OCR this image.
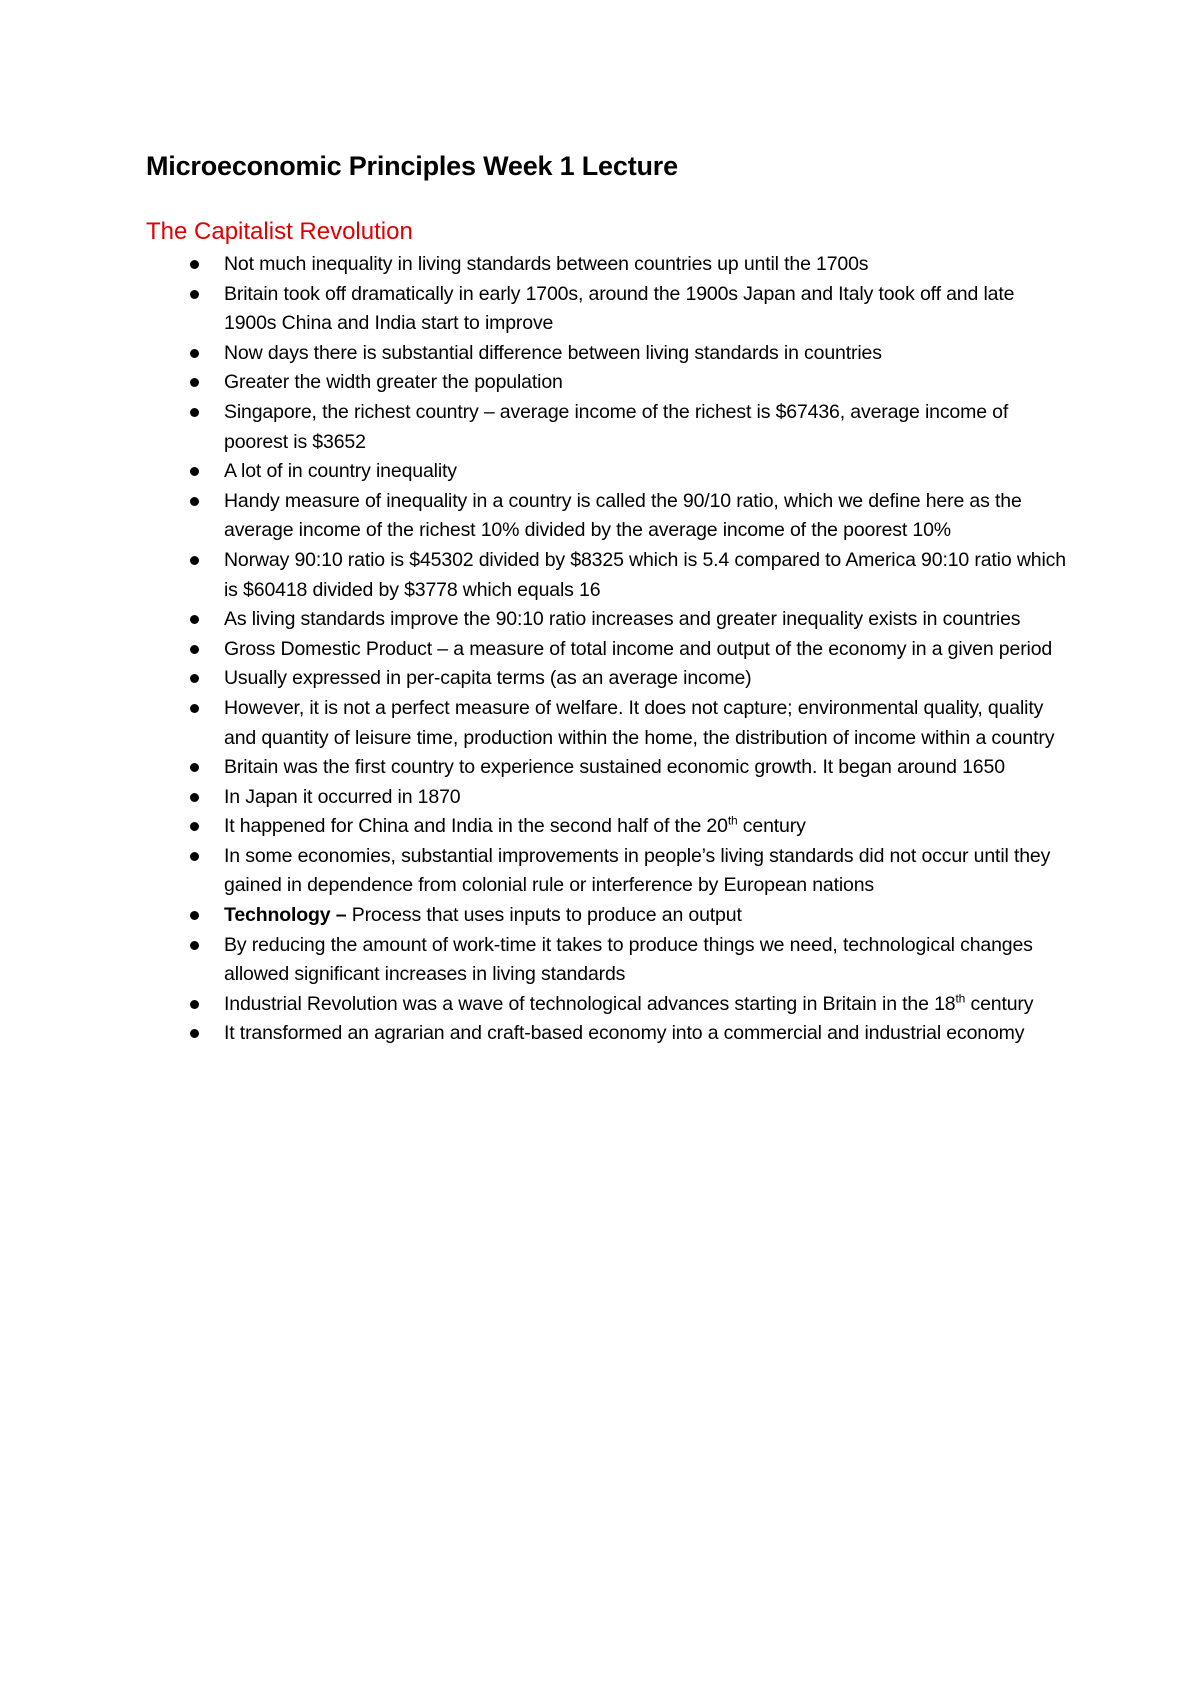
Microeconomic Principles Week 1 Lecture
The Capitalist Revolution
Not much inequality in living standards between countries up until the 1700s
Britain took off dramatically in early 1700s, around the 1900s Japan and Italy took off and late 1900s China and India start to improve
Now days there is substantial difference between living standards in countries
Greater the width greater the population
Singapore, the richest country – average income of the richest is $67436, average income of poorest is $3652
A lot of in country inequality
Handy measure of inequality in a country is called the 90/10 ratio, which we define here as the average income of the richest 10% divided by the average income of the poorest 10%
Norway 90:10 ratio is $45302 divided by $8325 which is 5.4 compared to America 90:10 ratio which is $60418 divided by $3778 which equals 16
As living standards improve the 90:10 ratio increases and greater inequality exists in countries
Gross Domestic Product – a measure of total income and output of the economy in a given period
Usually expressed in per-capita terms (as an average income)
However, it is not a perfect measure of welfare. It does not capture; environmental quality, quality and quantity of leisure time, production within the home, the distribution of income within a country
Britain was the first country to experience sustained economic growth. It began around 1650
In Japan it occurred in 1870
It happened for China and India in the second half of the 20th century
In some economies, substantial improvements in people’s living standards did not occur until they gained in dependence from colonial rule or interference by European nations
Technology – Process that uses inputs to produce an output
By reducing the amount of work-time it takes to produce things we need, technological changes allowed significant increases in living standards
Industrial Revolution was a wave of technological advances starting in Britain in the 18th century
It transformed an agrarian and craft-based economy into a commercial and industrial economy
